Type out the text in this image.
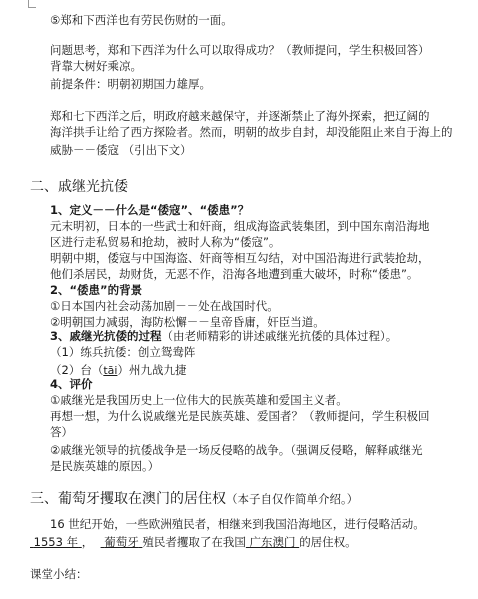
⑤郑和下西洋也有劳民伤财的一面。
问题思考，郑和下西洋为什么可以取得成功？（教师提问，学生积极回答）
背靠大树好乘凉。
前提条件：明朝初期国力雄厚。
郑和七下西洋之后，明政府越来越保守，并逐渐禁止了海外探索，把辽阔的
海洋拱手让给了西方探险者。然而，明朝的故步自封，却没能阻止来自于海上的
威胁－－倭寇 （引出下文）
二、戚继光抗倭
1、定义－－什么是“倭寇”、“倭患”？
元末明初，日本的一些武士和奸商，组成海盗武装集团，到中国东南沿海地
区进行走私贸易和抢劫，被时人称为“倭寇”。
明朝中期，倭寇与中国海盗、奸商等相互勾结，对中国沿海进行武装抢劫，
他们杀居民，劫财货，无恶不作，沿海各地遭到重大破坏，时称“倭患”。
2、“倭患”的背景
①日本国内社会动荡加剧－－处在战国时代。
②明朝国力减弱，海防松懈－－皇帝昏庸，奸臣当道。
3、戚继光抗倭的过程（由老师精彩的讲述戚继光抗倭的具体过程）。
（1）练兵抗倭：创立鸳鸯阵
（2）台（tāi）州九战九捷
4、评价
①戚继光是我国历史上一位伟大的民族英雄和爱国主义者。
再想一想，为什么说戚继光是民族英雄、爱国者？（教师提问，学生积极回
答）
②戚继光领导的抗倭战争是一场反侵略的战争。（强调反侵略，解释戚继光
是民族英雄的原因。）
三、葡萄牙攫取在澳门的居住权（本子自仅作简单介绍。）
16 世纪开始，一些欧洲殖民者，相继来到我国沿海地区，进行侵略活动。
1553 年 ，   葡萄牙 殖民者攫取了在我国 广东澳门 的居住权。
课堂小结：
